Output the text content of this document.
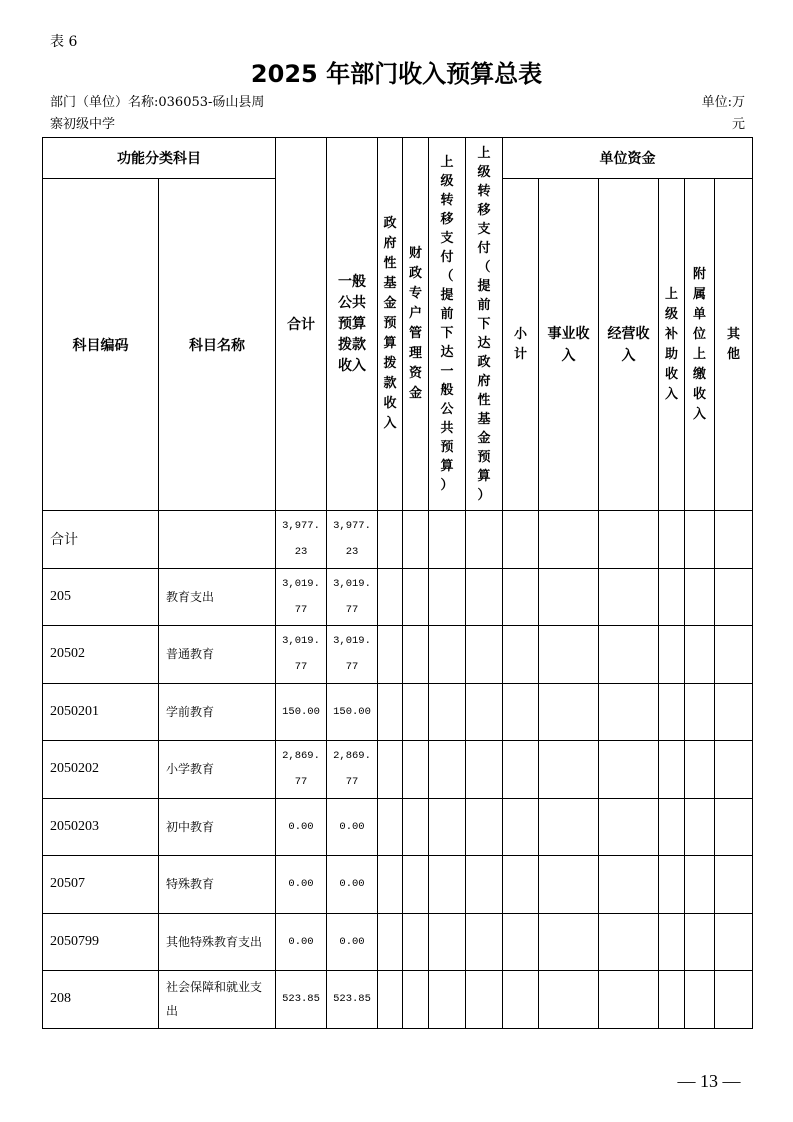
表 6
2025 年部门收入预算总表
部门（单位）名称:036053-砀山县周
寨初级中学
单位:万
元
功能分类科目		合计	一般公共预算拨款收入	政府性基金预算拨款收入	财政专户管理资金	上级转移支付（提前下达一般公共预算）	上级转移支付（提前下达政府性基金预算）	单位资金					
科目编码	科目名称							小计	事业收入	经营收入	上级补助收入	附属单位上缴收入	其他

合计		3,977.23	3,977.23										
205	教育支出	3,019.77	3,019.77										
20502	普通教育	3,019.77	3,019.77										
2050201	学前教育	150.00	150.00										
2050202	小学教育	2,869.77	2,869.77										
2050203	初中教育	0.00	0.00										
20507	特殊教育	0.00	0.00										
2050799	其他特殊教育支出	0.00	0.00										
208	社会保障和就业支出	523.85	523.85										
— 13 —
